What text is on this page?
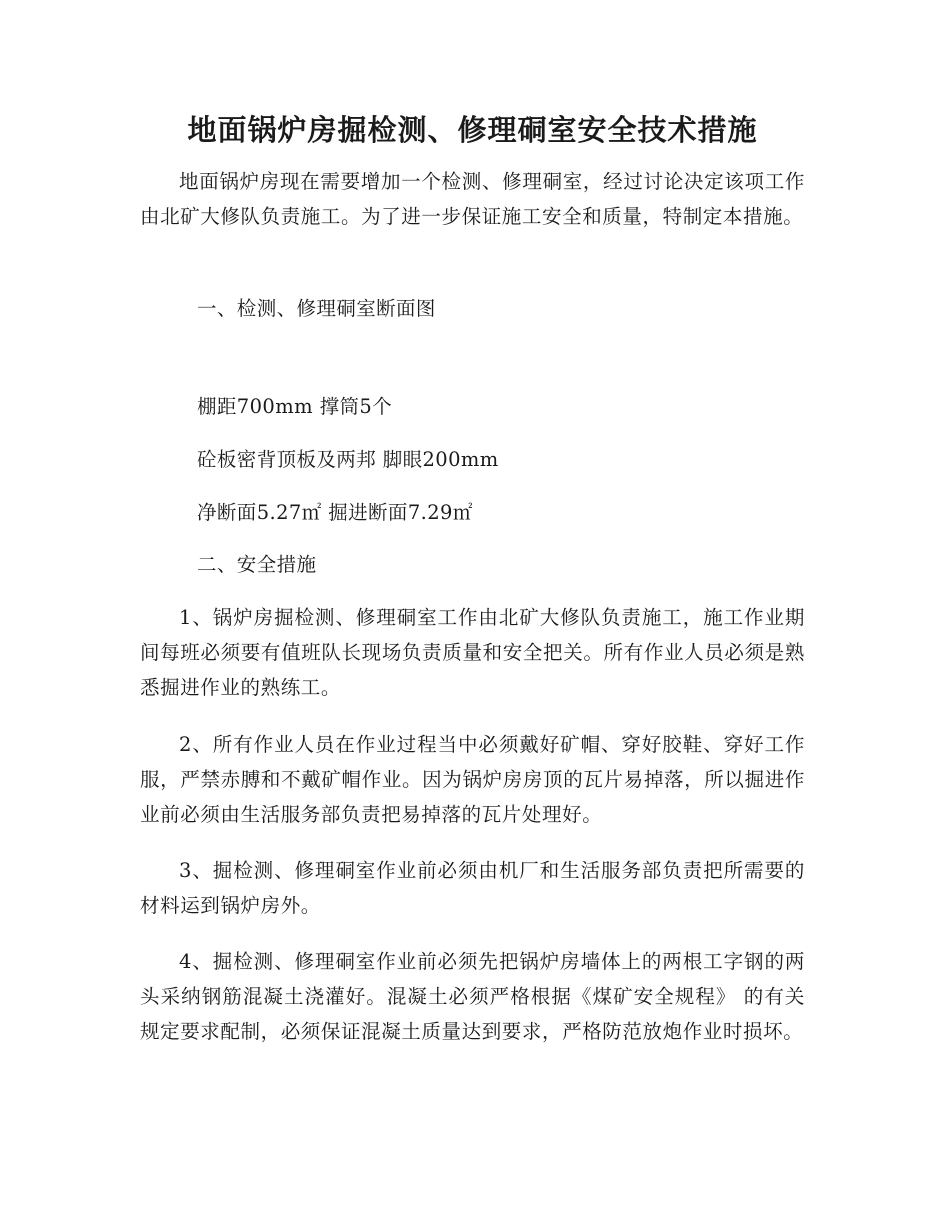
地面锅炉房掘检测、修理硐室安全技术措施

地面锅炉房现在需要增加一个检测、修理硐室，经过讨论决定该项工作由北矿大修队负责施工。为了进一步保证施工安全和质量，特制定本措施。

一、检测、修理硐室断面图

棚距700mm 撑筒5个

砼板密背顶板及两邦 脚眼200mm

净断面5.27㎡ 掘进断面7.29㎡

二、安全措施

1、锅炉房掘检测、修理硐室工作由北矿大修队负责施工，施工作业期间每班必须要有值班队长现场负责质量和安全把关。所有作业人员必须是熟悉掘进作业的熟练工。

2、所有作业人员在作业过程当中必须戴好矿帽、穿好胶鞋、穿好工作服，严禁赤膊和不戴矿帽作业。因为锅炉房房顶的瓦片易掉落，所以掘进作业前必须由生活服务部负责把易掉落的瓦片处理好。

3、掘检测、修理硐室作业前必须由机厂和生活服务部负责把所需要的材料运到锅炉房外。

4、掘检测、修理硐室作业前必须先把锅炉房墙体上的两根工字钢的两头采纳钢筋混凝土浇灌好。混凝土必须严格根据《煤矿安全规程》 的有关规定要求配制，必须保证混凝土质量达到要求，严格防范放炮作业时损坏。
